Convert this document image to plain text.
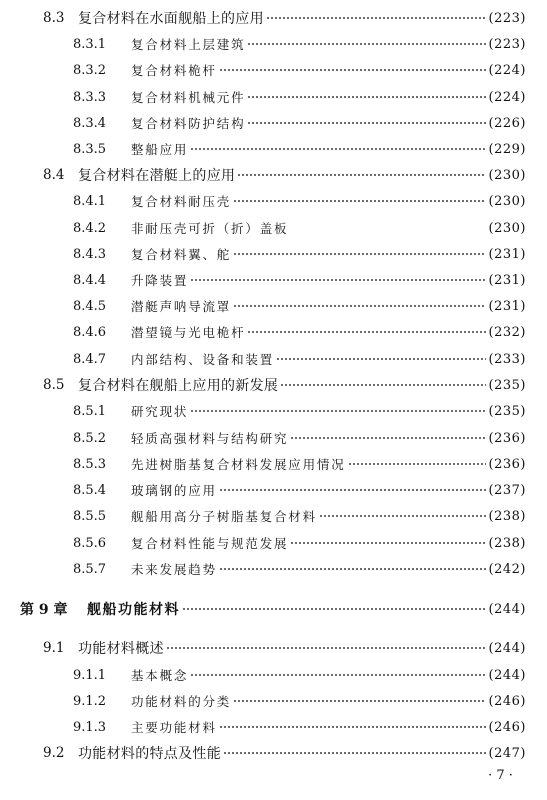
8.3 复合材料在水面舰船上的应用	(223)
8.3.1	复合材料上层建筑	(223)
8.3.2	复合材料桅杆	(224)
8.3.3	复合材料机械元件	(224)
8.3.4	复合材料防护结构	(226)
8.3.5	整船应用	(229)
8.4 复合材料在潜艇上的应用	(230)
8.4.1	复合材料耐压壳	(230)
8.4.2	非耐压壳可折（折）盖板	(230)
8.4.3	复合材料翼、舵	(231)
8.4.4	升降装置	(231)
8.4.5	潜艇声呐导流罩	(231)
8.4.6	潜望镜与光电桅杆	(232)
8.4.7	内部结构、设备和装置	(233)
8.5 复合材料在舰船上应用的新发展	(235)
8.5.1	研究现状	(235)
8.5.2	轻质高强材料与结构研究	(236)
8.5.3	先进树脂基复合材料发展应用情况	(236)
8.5.4	玻璃钢的应用	(237)
8.5.5	舰船用高分子树脂基复合材料	(238)
8.5.6	复合材料性能与规范发展	(238)
8.5.7	未来发展趋势	(242)
第 9 章	舰船功能材料	(244)
9.1 功能材料概述	(244)
9.1.1	基本概念	(244)
9.1.2	功能材料的分类	(246)
9.1.3	主要功能材料	(246)
9.2 功能材料的特点及性能	(247)
· 7 ·
